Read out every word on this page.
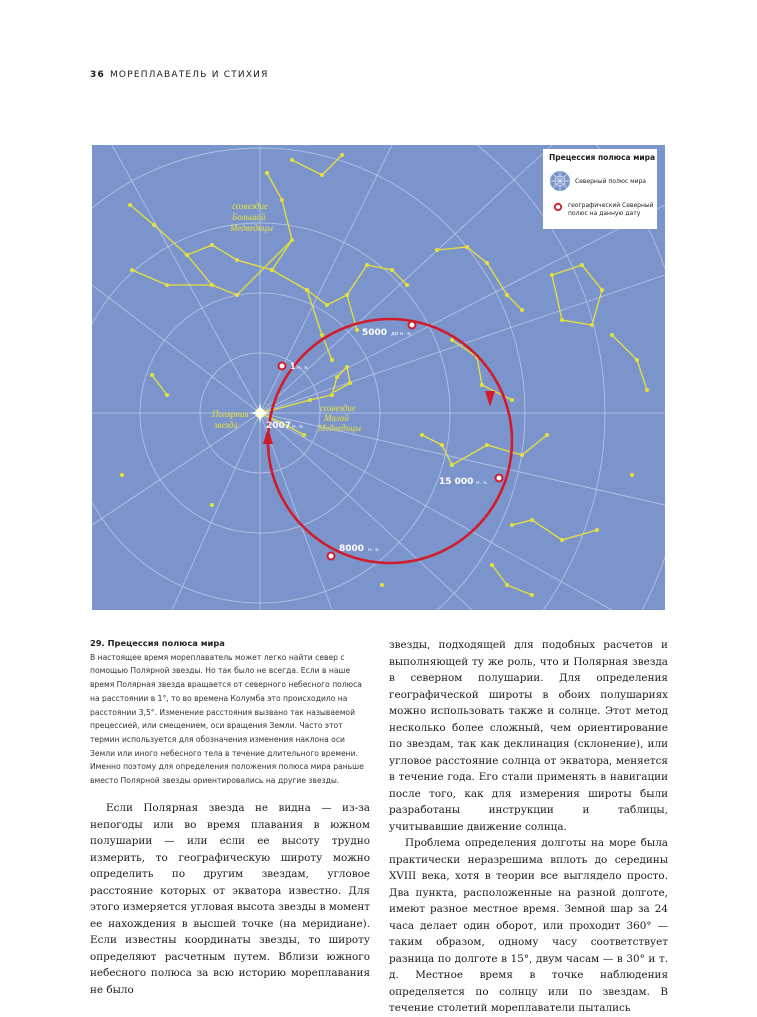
36 МОРЕПЛАВАТЕЛЬ И СТИХИЯ
созвездие
Большой
Медведицы
созвездие
Малой
Медведицы
Полярная
звезда
5000 до н. э.
1 н. э.
2007 н. э.
15 000 н. э.
8000 н. э.
Прецессия полюса мира
Северный полюс мира
географический Северный полюс на данную дату
29. Прецессия полюса мира
В настоящее время мореплаватель может легко найти север с помощью Полярной звезды. Но так было не всегда. Если в наше время Полярная звезда вращается от северного небесного полюса на расстоянии в 1°, то во времена Колумба это происходило на расстоянии 3,5°. Изменение расстояния вызвано так называемой прецессией, или смещением, оси вращения Земли. Часто этот термин используется для обозначения изменения наклона оси Земли или иного небесного тела в течение длительного времени. Именно поэтому для определения положения полюса мира раньше вместо Полярной звезды ориентировались на другие звезды.

Если Полярная звезда не видна — из-за непогоды или во время плавания в южном полушарии — или если ее высоту трудно измерить, то географическую широту можно определить по другим звездам, угловое расстояние которых от экватора известно. Для этого измеряется угловая высота звезды в момент ее нахождения в высшей точке (на меридиане). Если известны координаты звезды, то широту определяют расчетным путем. Вблизи южного небесного полюса за всю историю мореплавания не было

звезды, подходящей для подобных расчетов и выполняющей ту же роль, что и Полярная звезда в северном полушарии. Для определения географической широты в обоих полушариях можно использовать также и солнце. Этот метод несколько более сложный, чем ориентирование по звездам, так как деклинация (склонение), или угловое расстояние солнца от экватора, меняется в течение года. Его стали применять в навигации после того, как для измерения широты были разработаны инструкции и таблицы, учитывавшие движение солнца.

Проблема определения долготы на море была практически неразрешима вплоть до середины XVIII века, хотя в теории все выглядело просто. Два пункта, расположенные на разной долготе, имеют разное местное время. Земной шар за 24 часа делает один оборот, или проходит 360° — таким образом, одному часу соответствует разница по долготе в 15°, двум часам — в 30° и т. д. Местное время в точке наблюдения определяется по солнцу или по звездам. В течение столетий мореплаватели пытались
